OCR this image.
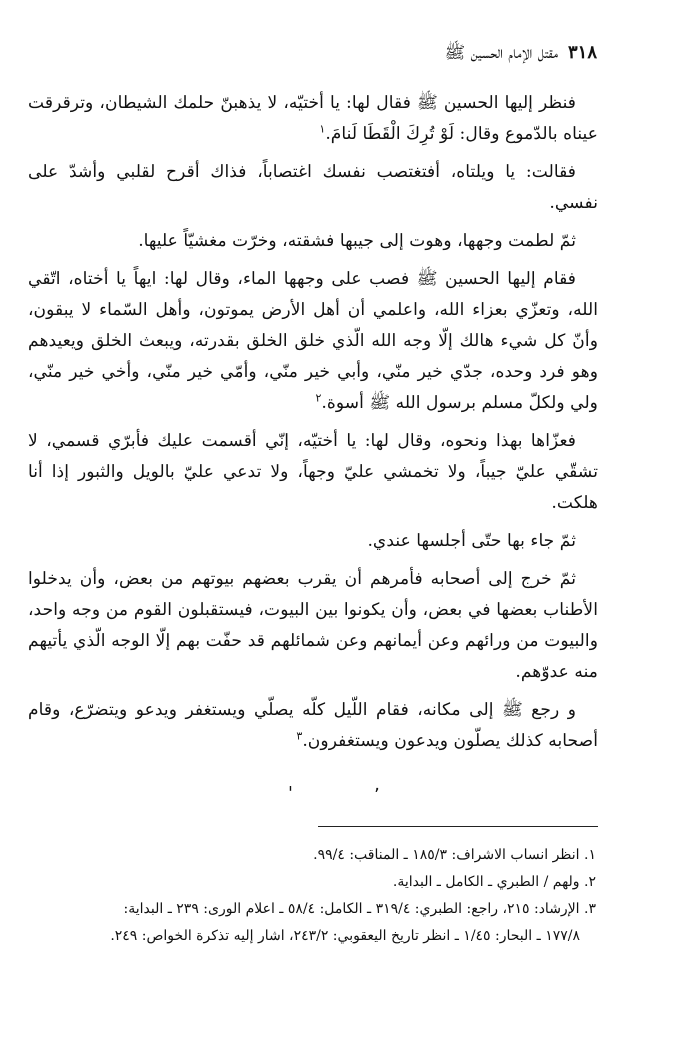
٣١٨
مقتل الإمام الحسين ﷺ

فنظر إليها الحسين ﷺ فقال لها: يا أختيّه، لا يذهبنّ حلمك الشيطان، وترقرقت عيناه بالدّموع وقال: لَوْ تُرِكَ الْقَطَا لَنامَ.$^١$

فقالت: يا ويلتاه، أفتغتصب نفسك اغتصاباً، فذاك أقرح لقلبي وأشدّ على نفسي.

ثمّ لطمت وجهها، وهوت إلى جيبها فشقته، وخرّت مغشيّاً عليها.

فقام إليها الحسين ﷺ فصب على وجهها الماء، وقال لها: ايهاً يا أختاه، اتّقي الله، وتعزّي بعزاء الله، واعلمي أن أهل الأرض يموتون، وأهل السّماء لا يبقون، وأنّ كل شيء هالك إلّا وجه الله الّذي خلق الخلق بقدرته، ويبعث الخلق ويعيدهم وهو فرد وحده، جدّي خير منّي، وأبي خير منّي، وأمّي خير منّي، وأخي خير منّي، ولي ولكلّ مسلم برسول الله ﷺ أسوة.$^٢$

فعزّاها بهذا ونحوه، وقال لها: يا أختيّه، إنّي أقسمت عليك فأبرّي قسمي، لا تشقّي عليّ جيباً، ولا تخمشي عليّ وجهاً، ولا تدعي عليّ بالويل والثبور إذا أنا هلكت.

ثمّ جاء بها حتّى أجلسها عندي.

ثمّ خرج إلى أصحابه فأمرهم أن يقرب بعضهم بيوتهم من بعض، وأن يدخلوا الأطناب بعضها في بعض، وأن يكونوا بين البيوت، فيستقبلون القوم من وجه واحد، والبيوت من ورائهم وعن أيمانهم وعن شمائلهم قد حفّت بهم إلّا الوجه الّذي يأتيهم منه عدوّهم.

و رجع ﷺ إلى مكانه، فقام اللّيل كلّه يصلّي ويستغفر ويدعو ويتضرّع، وقام أصحابه كذلك يصلّون ويدعون ويستغفرون.$^٣$

'	٬

١. انظر انساب الاشراف: ١٨٥/٣ ـ المناقب: ٩٩/٤.

٢. ولهم / الطبري ـ الكامل ـ البداية.

٣. الإرشاد: ٢١٥، راجع: الطبري: ٣١٩/٤ ـ الكامل: ٥٨/٤ ـ اعلام الورى: ٢٣٩ ـ البداية:

١٧٧/٨ ـ البحار: ١/٤٥ ـ انظر تاريخ اليعقوبي: ٢٤٣/٢، اشار إليه تذكرة الخواص: ٢٤٩.
